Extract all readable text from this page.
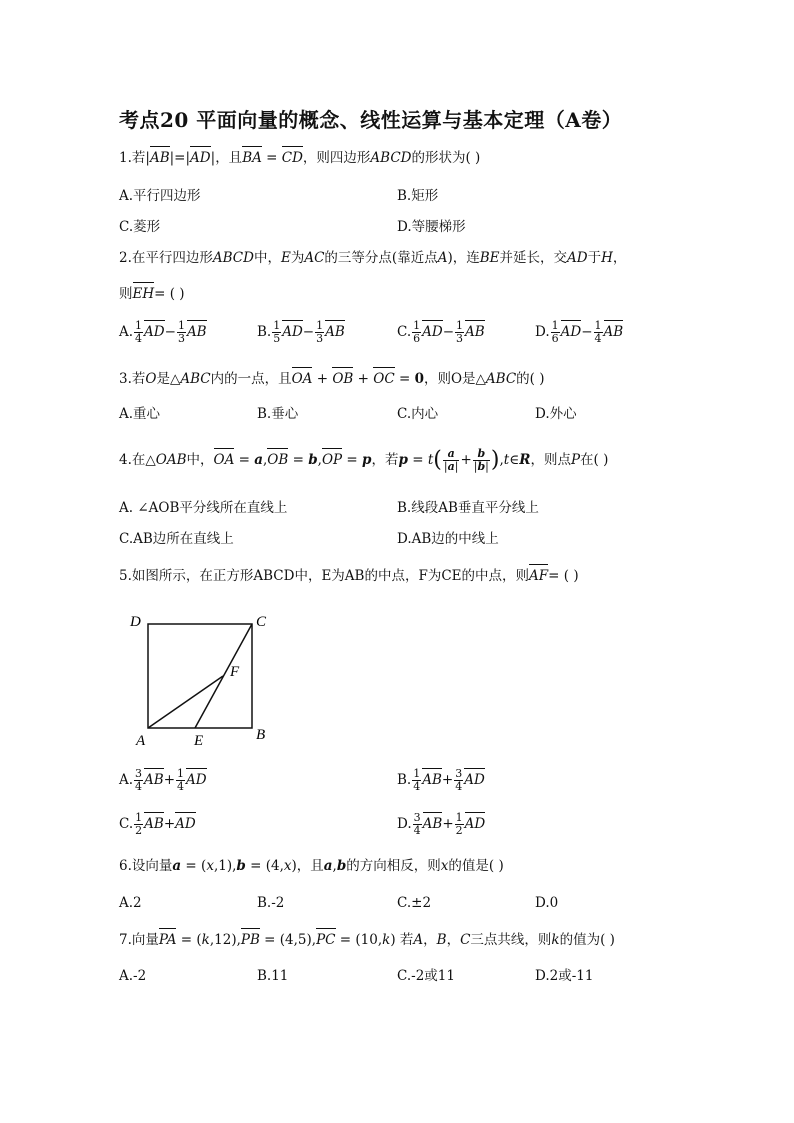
考点20 平面向量的概念、线性运算与基本定理（A卷）
1.若|AB|=|AD|，且BA = CD，则四边形ABCD的形状为( )
A.平行四边形	B.矩形
C.菱形	D.等腰梯形
2.在平行四边形ABCD中，E为AC的三等分点(靠近点A)，连BE并延长，交AD于H，
则EH= ( )
A. $\frac{1}{4} AD- \frac{1}{3}$ AB	B. $\frac{1}{5} AD- \frac{1}{3}$ AB	C. $\frac{1}{6} AD- \frac{1}{3}$ AB	D. $\frac{1}{6} AD- \frac{1}{4}$ AB
3.若O是△ABC内的一点，且OA + OB + OC = 0，则O是△ABC的( )
A.重心	B.垂心	C.内心	D.外心
4.在△OAB中，OA = a,OB = b,OP = p，若$p = t( \frac{a}{|a|} + \frac{b}{|b|}$ ),t∈R，则点P在( )
A. ∠AOB平分线所在直线上	B.线段AB垂直平分线上
C.AB边所在直线上	D.AB边的中线上
5.如图所示，在正方形ABCD中，E为AB的中点，F为CE的中点，则AF= ( )
D	C
F
A	E	B
A. $\frac{3}{4} AB+ \frac{1}{4}$ AD	B. $\frac{1}{4} AB+ \frac{3}{4}$ AD
C. $\frac{1}{2} AB+AD$	D. $\frac{3}{4} AB+ \frac{1}{2}$ AD
6.设向量a = (x,1),b = (4,x)，且a,b的方向相反，则x的值是( )
A.2	B.-2	C.±2	D.0
7.向量PA = (k,12),PB = (4,5),PC = (10,k) 若A，B，C三点共线，则k的值为( )
A.-2	B.11	C.-2或11	D.2或-11
